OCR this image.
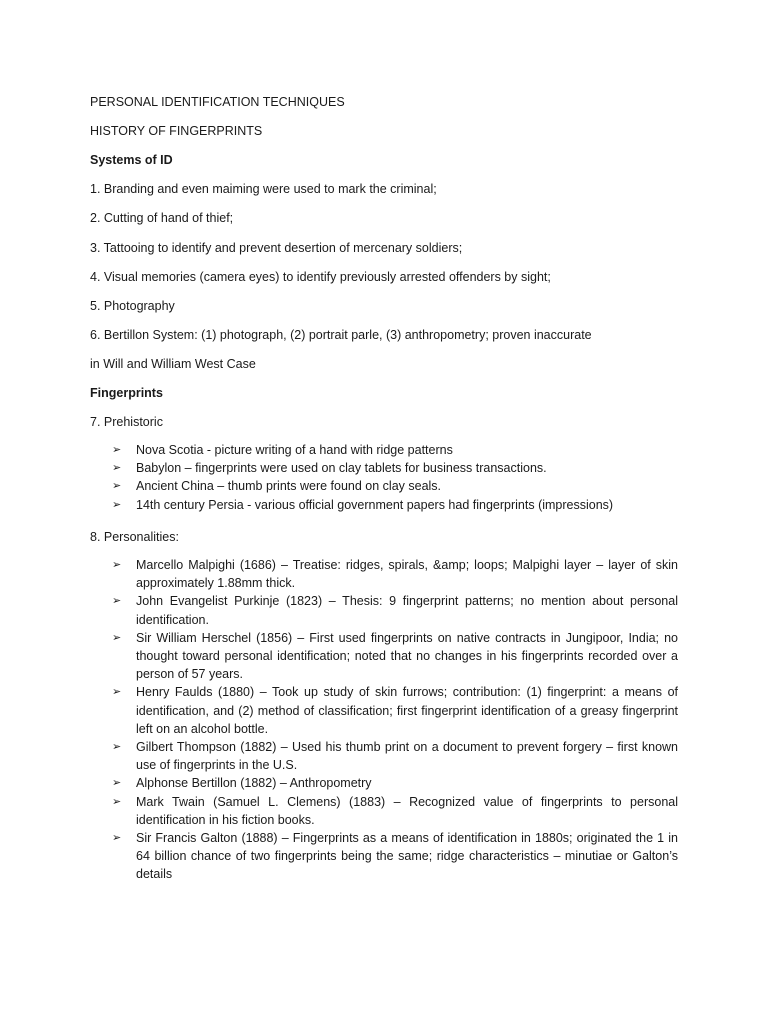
PERSONAL IDENTIFICATION TECHNIQUES
HISTORY OF FINGERPRINTS
Systems of ID
1. Branding and even maiming were used to mark the criminal;
2. Cutting of hand of thief;
3. Tattooing to identify and prevent desertion of mercenary soldiers;
4. Visual memories (camera eyes) to identify previously arrested offenders by sight;
5. Photography
6. Bertillon System: (1) photograph, (2) portrait parle, (3) anthropometry; proven inaccurate
in Will and William West Case
Fingerprints
7. Prehistoric
➢	Nova Scotia - picture writing of a hand with ridge patterns
➢	Babylon – fingerprints were used on clay tablets for business transactions.
➢	Ancient China – thumb prints were found on clay seals.
➢	14th century Persia - various official government papers had fingerprints (impressions)
8. Personalities:
➢	Marcello Malpighi (1686) – Treatise: ridges, spirals, &amp; loops; Malpighi layer – layer of skin approximately 1.88mm thick.
➢	John Evangelist Purkinje (1823) – Thesis: 9 fingerprint patterns; no mention about personal identification.
➢	Sir William Herschel (1856) – First used fingerprints on native contracts in Jungipoor, India; no thought toward personal identification; noted that no changes in his fingerprints recorded over a person of 57 years.
➢	Henry Faulds (1880) – Took up study of skin furrows; contribution: (1) fingerprint: a means of identification, and (2) method of classification; first fingerprint identification of a greasy fingerprint left on an alcohol bottle.
➢	Gilbert Thompson (1882) – Used his thumb print on a document to prevent forgery – first known use of fingerprints in the U.S.
➢	Alphonse Bertillon (1882) – Anthropometry
➢	Mark Twain (Samuel L. Clemens) (1883) – Recognized value of fingerprints to personal identification in his fiction books.
➢	Sir Francis Galton (1888) – Fingerprints as a means of identification in 1880s; originated the 1 in 64 billion chance of two fingerprints being the same; ridge characteristics – minutiae or Galton’s details
